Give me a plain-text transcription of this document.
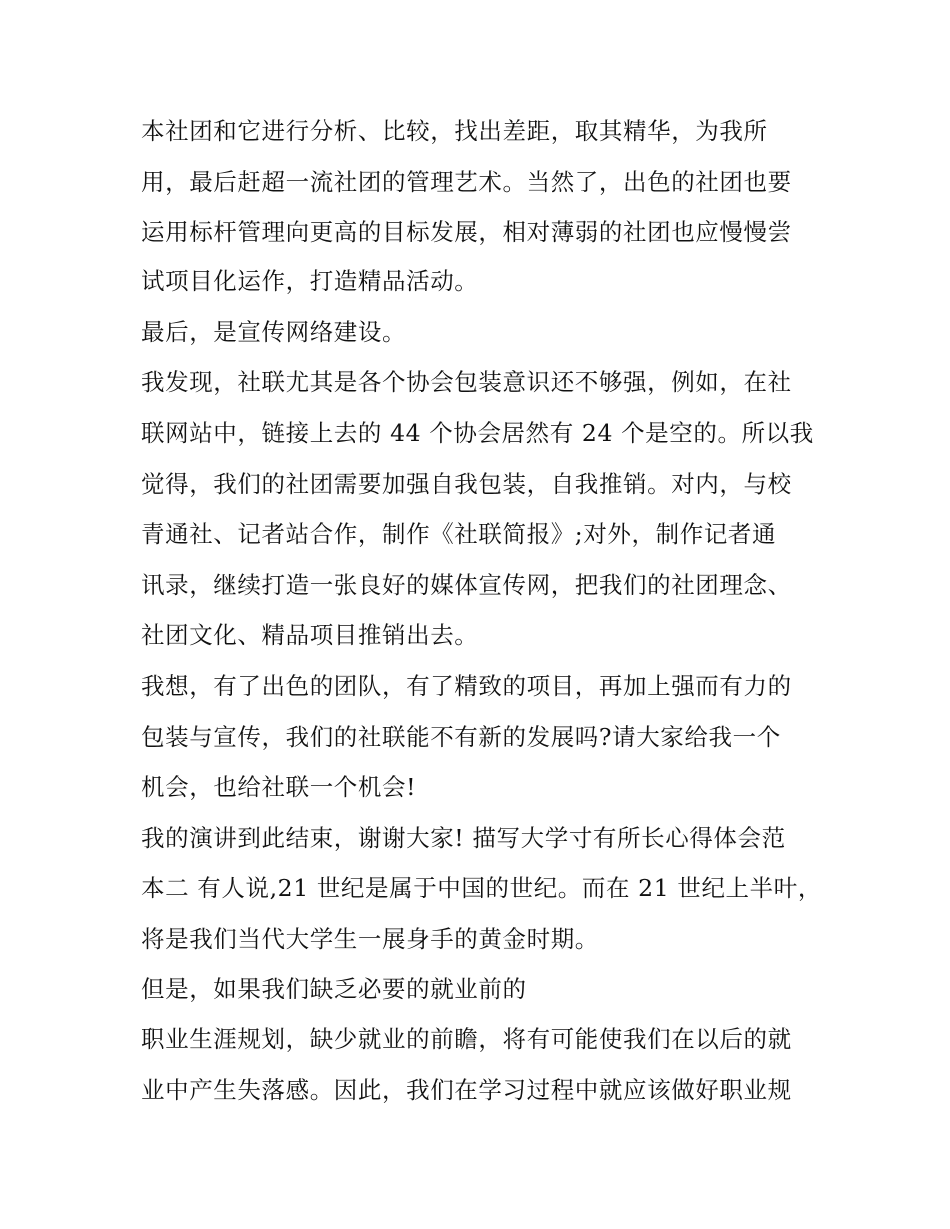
本社团和它进行分析、比较，找出差距，取其精华，为我所
用，最后赶超一流社团的管理艺术。当然了，出色的社团也要
运用标杆管理向更高的目标发展，相对薄弱的社团也应慢慢尝
试项目化运作，打造精品活动。
最后，是宣传网络建设。
我发现，社联尤其是各个协会包装意识还不够强，例如，在社
联网站中，链接上去的 44 个协会居然有 24 个是空的。所以我
觉得，我们的社团需要加强自我包装，自我推销。对内，与校
青通社、记者站合作，制作《社联简报》;对外，制作记者通
讯录，继续打造一张良好的媒体宣传网，把我们的社团理念、
社团文化、精品项目推销出去。
我想，有了出色的团队，有了精致的项目，再加上强而有力的
包装与宣传，我们的社联能不有新的发展吗?请大家给我一个
机会，也给社联一个机会!
我的演讲到此结束，谢谢大家! 描写大学寸有所长心得体会范
本二 有人说,21 世纪是属于中国的世纪。而在 21 世纪上半叶，
将是我们当代大学生一展身手的黄金时期。
但是，如果我们缺乏必要的就业前的
职业生涯规划，缺少就业的前瞻，将有可能使我们在以后的就
业中产生失落感。因此，我们在学习过程中就应该做好职业规
